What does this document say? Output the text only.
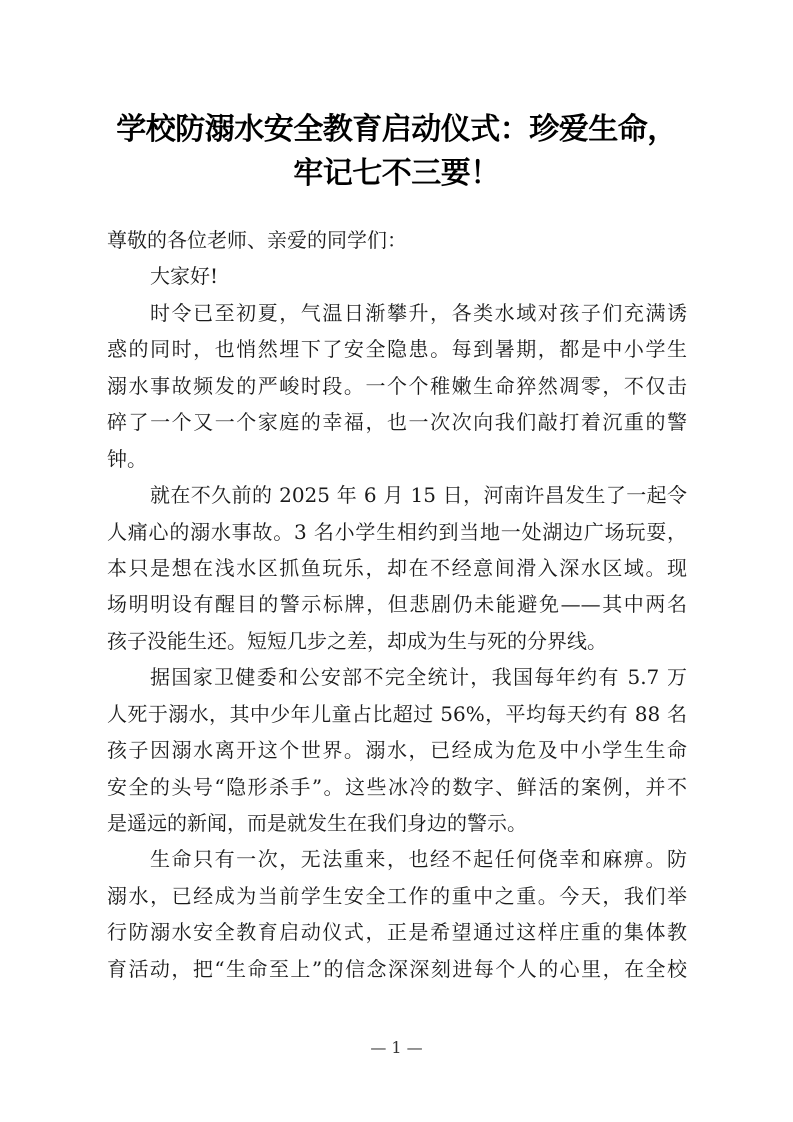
学校防溺水安全教育启动仪式：珍爱生命，
牢记七不三要！
尊敬的各位老师、亲爱的同学们：
大家好!
时令已至初夏，气温日渐攀升，各类水域对孩子们充满诱
惑的同时，也悄然埋下了安全隐患。每到暑期，都是中小学生
溺水事故频发的严峻时段。一个个稚嫩生命猝然凋零，不仅击
碎了一个又一个家庭的幸福，也一次次向我们敲打着沉重的警
钟。
就在不久前的 2025 年 6 月 15 日，河南许昌发生了一起令
人痛心的溺水事故。3 名小学生相约到当地一处湖边广场玩耍，
本只是想在浅水区抓鱼玩乐，却在不经意间滑入深水区域。现
场明明设有醒目的警示标牌，但悲剧仍未能避免——其中两名
孩子没能生还。短短几步之差，却成为生与死的分界线。
据国家卫健委和公安部不完全统计，我国每年约有 5.7 万
人死于溺水，其中少年儿童占比超过 56%，平均每天约有 88 名
孩子因溺水离开这个世界。溺水，已经成为危及中小学生生命
安全的头号“隐形杀手”。这些冰冷的数字、鲜活的案例，并不
是遥远的新闻，而是就发生在我们身边的警示。
生命只有一次，无法重来，也经不起任何侥幸和麻痹。防
溺水，已经成为当前学生安全工作的重中之重。今天，我们举
行防溺水安全教育启动仪式，正是希望通过这样庄重的集体教
育活动，把“生命至上”的信念深深刻进每个人的心里，在全校
— 1 —
